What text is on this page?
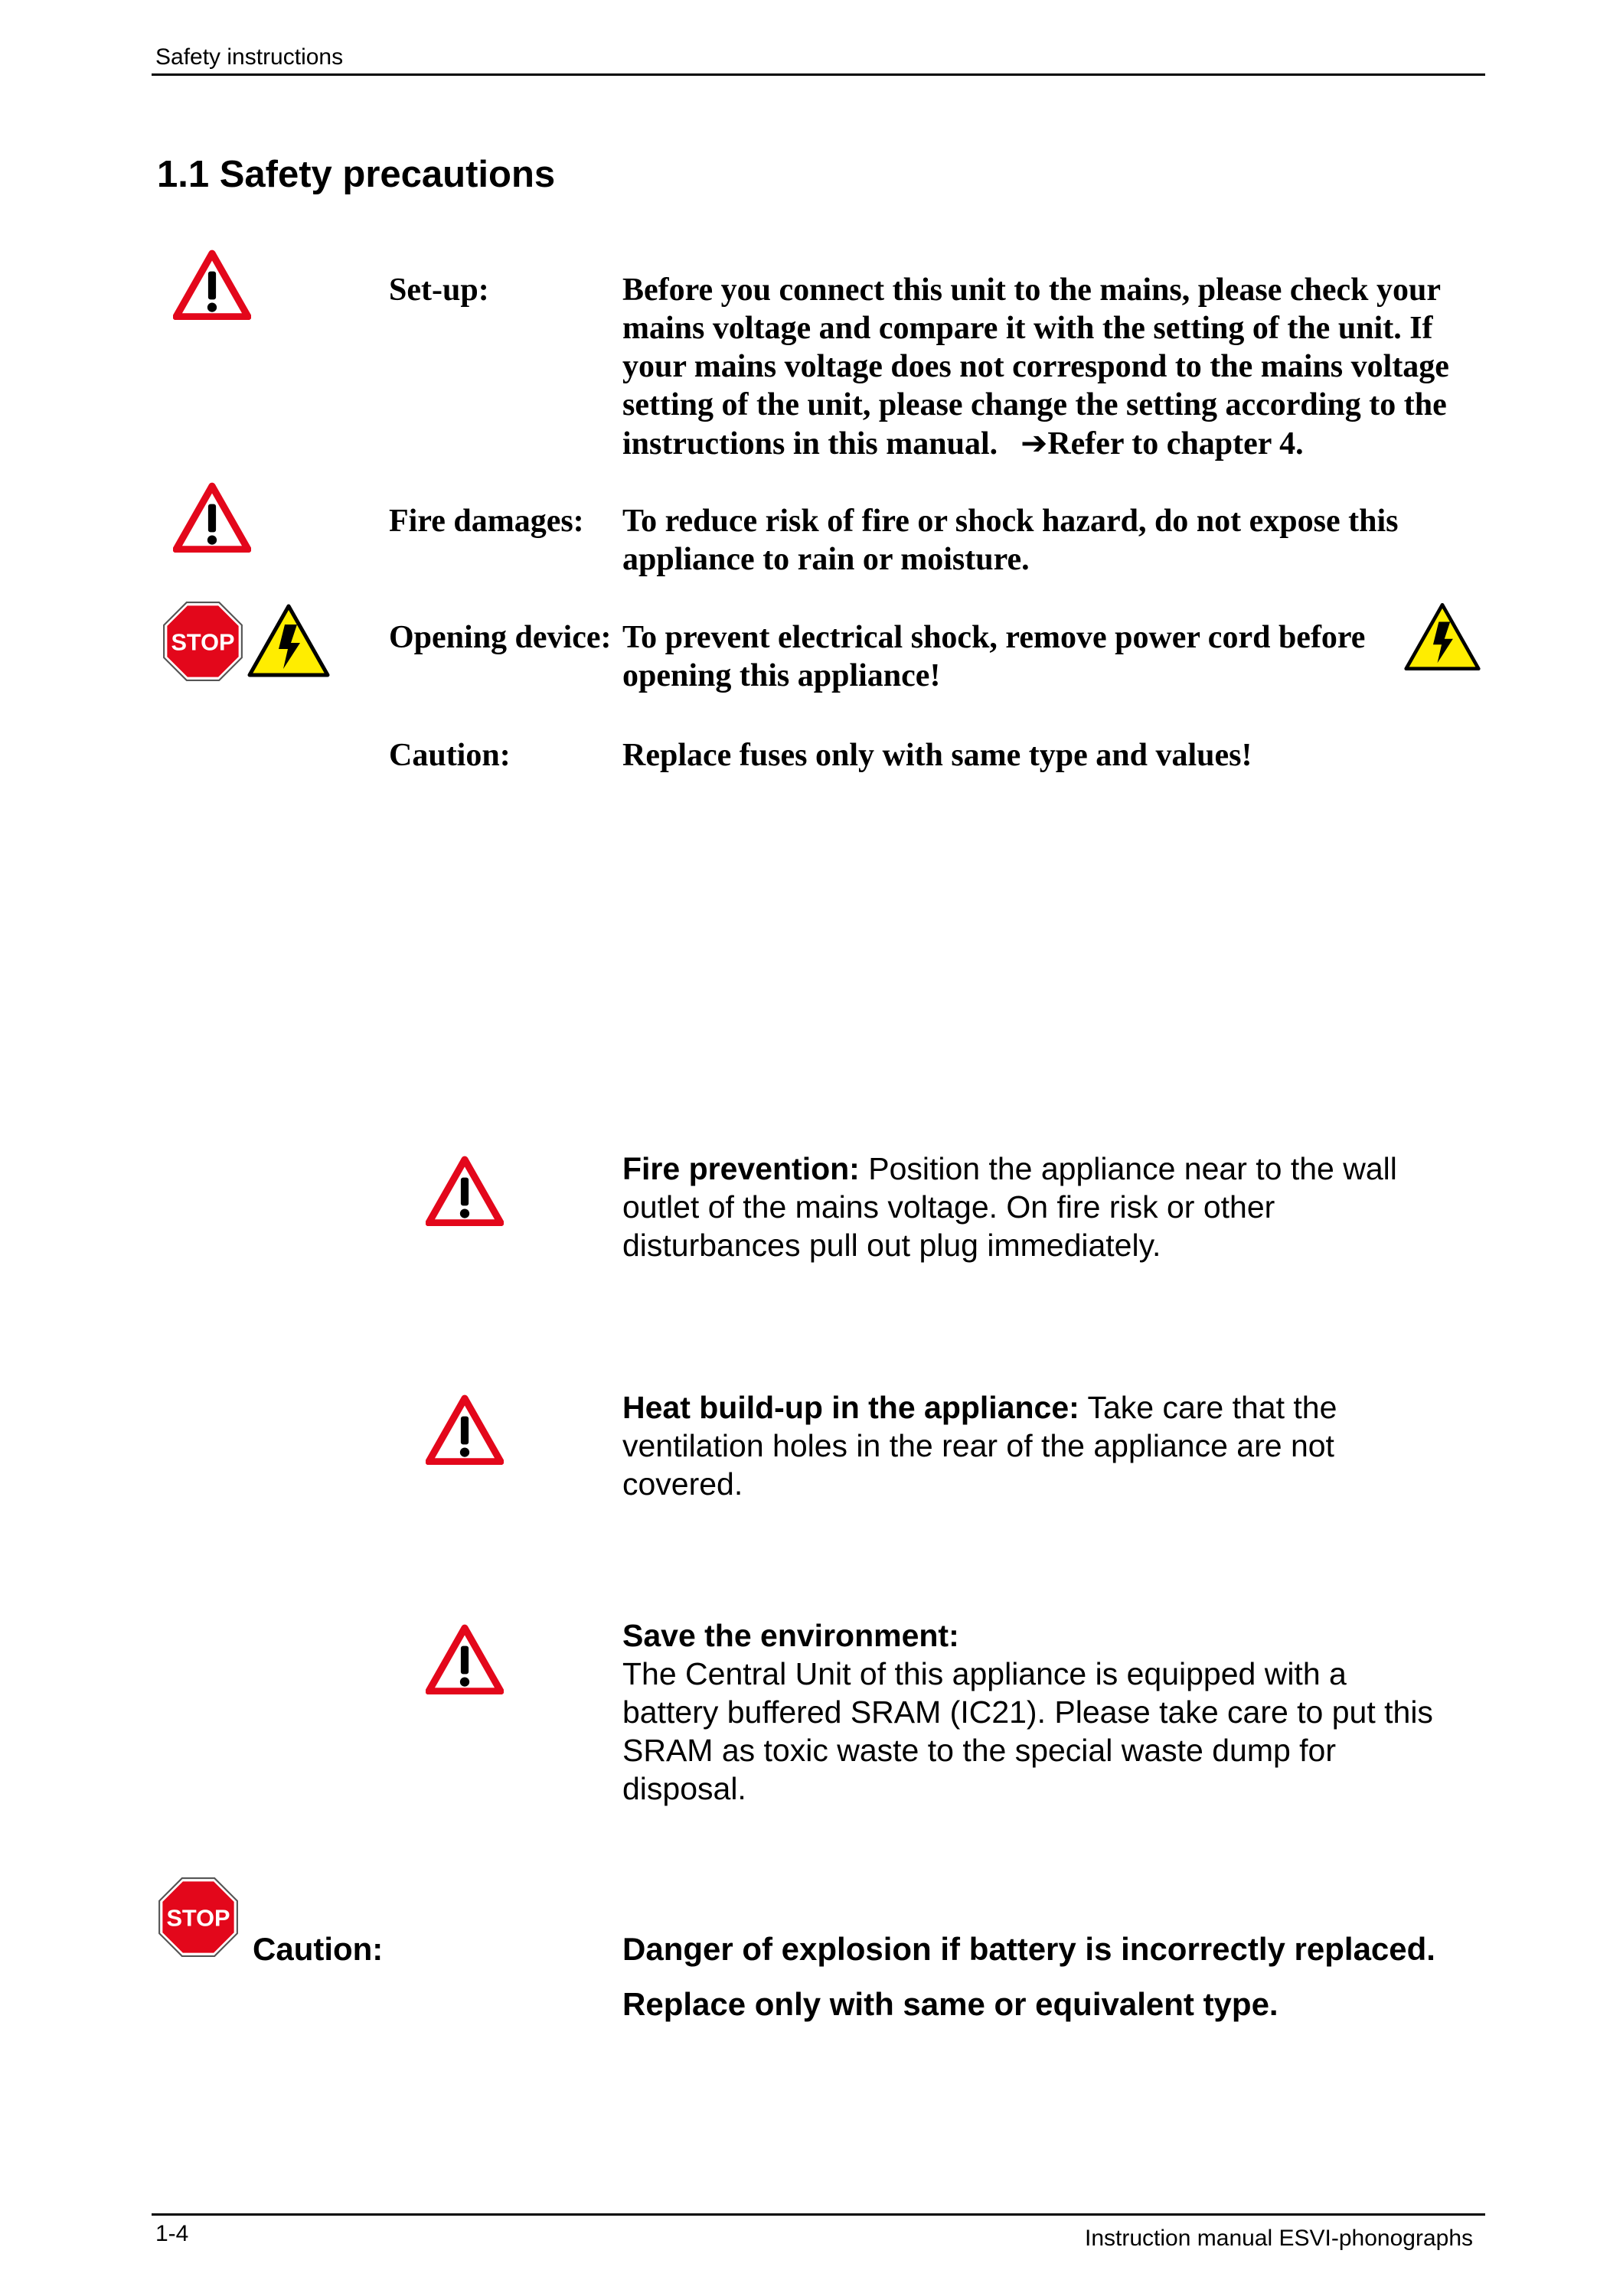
Safety instructions
1.1 Safety precautions
STOP
Set-up:	Before you connect this unit to the mains, please check your
mains voltage and compare it with the setting of the unit. If
your mains voltage does not correspond to the mains voltage
setting of the unit, please change the setting according to the
instructions in this manual. ➔Refer to chapter 4.
Fire damages: To reduce risk of fire or shock hazard, do not expose this
appliance to rain or moisture.
Opening device: To prevent electrical shock, remove power cord before
opening this appliance!
Caution:	Replace fuses only with same type and values!
Fire prevention: Position the appliance near to the wall
outlet of the mains voltage. On fire risk or other
disturbances pull out plug immediately.
Heat build-up in the appliance: Take care that the
ventilation holes in the rear of the appliance are not
covered.
Save the environment:
The Central Unit of this appliance is equipped with a
battery buffered SRAM (IC21). Please take care to put this
SRAM as toxic waste to the special waste dump for
disposal.
STOP
Caution:	Danger of explosion if battery is incorrectly replaced.
Replace only with same or equivalent type.
1-4	Instruction manual ESVI-phonographs
